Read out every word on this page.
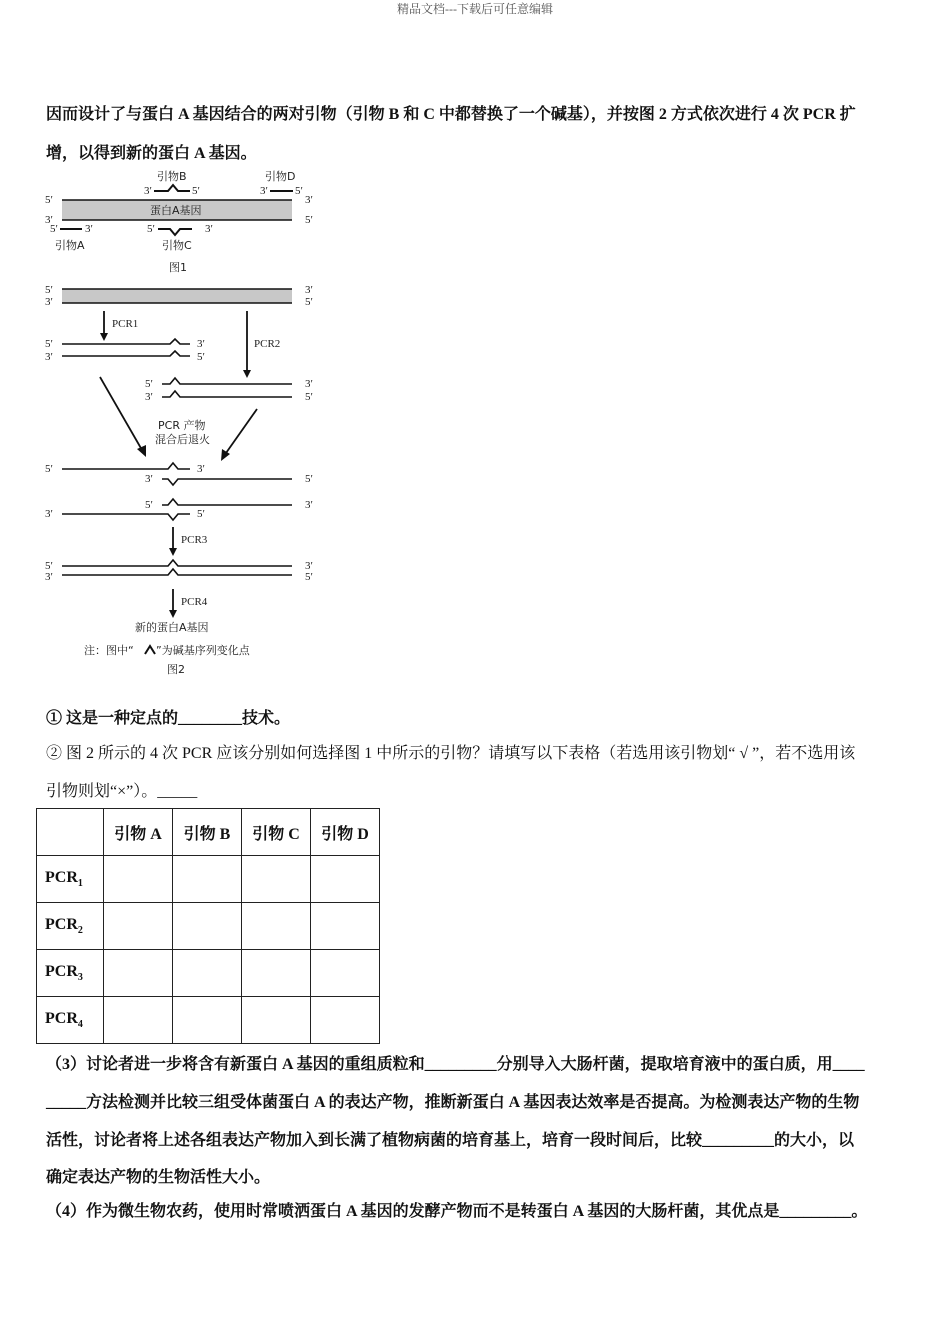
精品文档---下载后可任意编辑
因而设计了与蛋白 A 基因结合的两对引物（引物 B 和 C 中都替换了一个碱基），并按图 2 方式依次进行 4 次 PCR 扩
增，以得到新的蛋白 A 基因。
引物B	引物D
3′	5′	3′ 5′
5′	3′
蛋白A基因
3′	5′
5′ 3′	5′	3′
引物A	引物C
图1
5′	3′
3′	5′
PCR1
PCR2
5′	3′
3′	5′
5′	3′
3′	5′
PCR 产物
混合后退火
5′	3′
3′	5′
5′	3′
3′	5′
PCR3
5′	3′
3′	5′
PCR4
新的蛋白A基因
注：图中“ ”为碱基序列变化点
图2
① 这是一种定点的________技术。
② 图 2 所示的 4 次 PCR 应该分别如何选择图 1 中所示的引物？请填写以下表格（若选用该引物划“ √ ”，若不选用该
引物则划“×”）。_____
	引物 A	引物 B	引物 C	引物 D
$PCR_1$				
$PCR_2$				
$PCR_3$				
$PCR_4$				
（3）讨论者进一步将含有新蛋白 A 基因的重组质粒和_________分别导入大肠杆菌，提取培育液中的蛋白质，用____
_____方法检测并比较三组受体菌蛋白 A 的表达产物，推断新蛋白 A 基因表达效率是否提高。为检测表达产物的生物
活性，讨论者将上述各组表达产物加入到长满了植物病菌的培育基上，培育一段时间后，比较_________的大小，以
确定表达产物的生物活性大小。
（4）作为微生物农药，使用时常喷洒蛋白 A 基因的发酵产物而不是转蛋白 A 基因的大肠杆菌，其优点是_________。
